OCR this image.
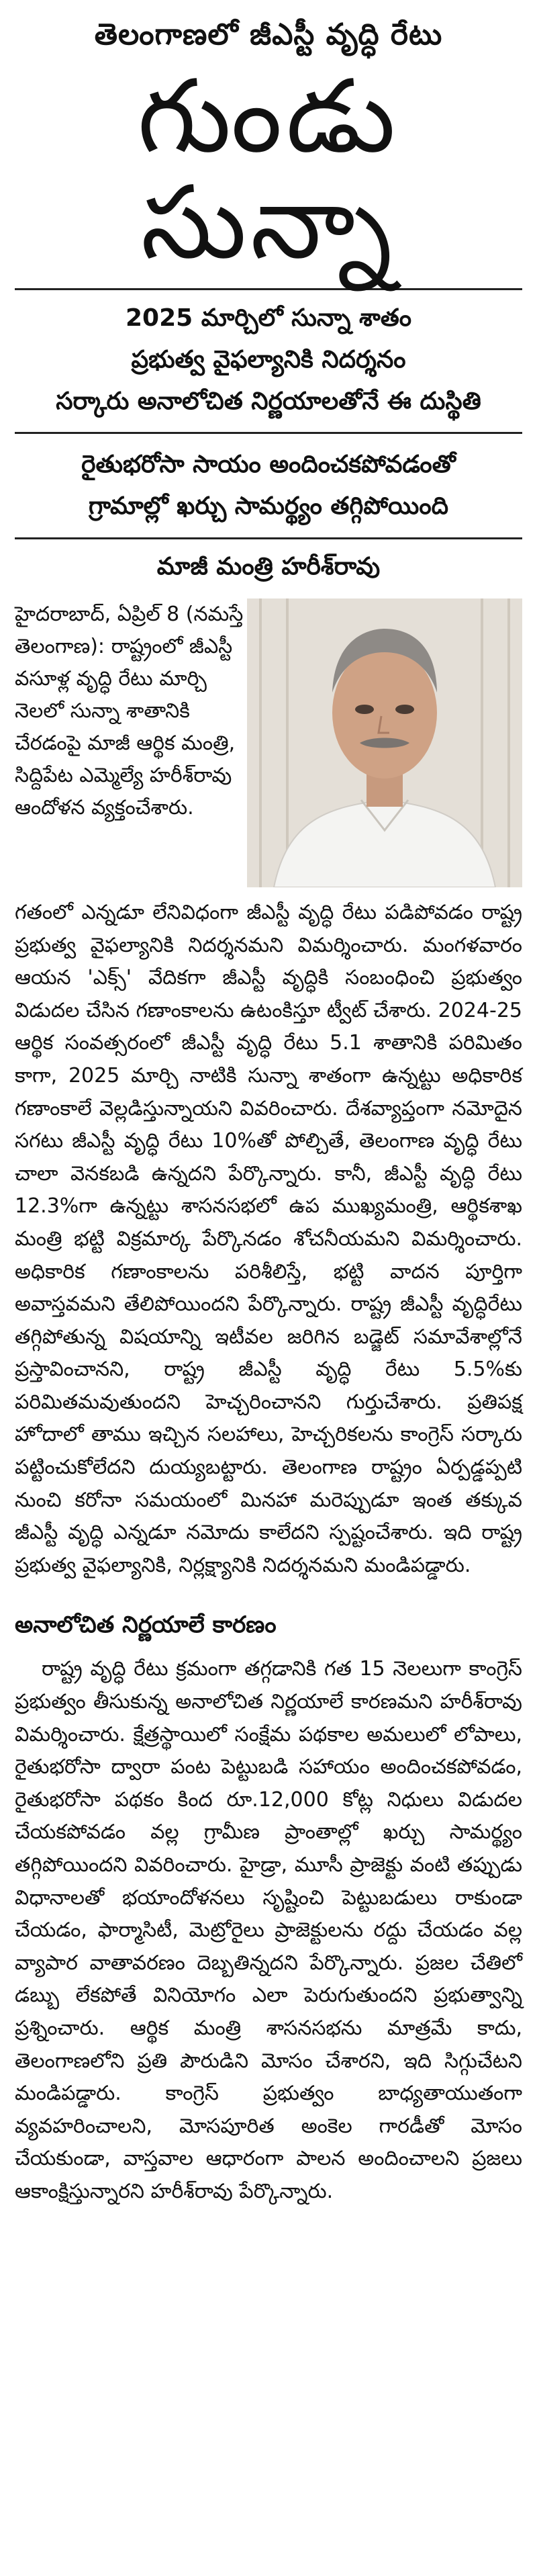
తెలంగాణలో జీఎస్టీ వృద్ధి రేటు
గుండు సున్నా
2025 మార్చిలో సున్నా శాతం
ప్రభుత్వ వైఫల్యానికి నిదర్శనం
సర్కారు అనాలోచిత నిర్ణయాలతోనే ఈ దుస్థితి
రైతుభరోసా సాయం అందించకపోవడంతో
గ్రామాల్లో ఖర్చు సామర్థ్యం తగ్గిపోయింది
మాజీ మంత్రి హరీశ్‌రావు
హైదరాబాద్, ఏప్రిల్ 8 (నమస్తే తెలంగాణ): రాష్ట్రంలో జీఎస్టీ వసూళ్ల వృద్ధి రేటు మార్చి నెలలో సున్నా శాతానికి చేరడంపై మాజీ ఆర్థిక మంత్రి, సిద్దిపేట ఎమ్మెల్యే హరీశ్‌రావు ఆందోళన వ్యక్తంచేశారు.

గతంలో ఎన్నడూ లేనివిధంగా జీఎస్టీ వృద్ధి రేటు పడిపోవడం రాష్ట్ర ప్రభుత్వ వైఫల్యానికి నిదర్శనమని విమర్శించారు. మంగళవారం ఆయన 'ఎక్స్' వేదికగా జీఎస్టీ వృద్ధికి సంబంధించి ప్రభుత్వం విడుదల చేసిన గణాంకాలను ఉటంకిస్తూ ట్వీట్ చేశారు. 2024-25 ఆర్థిక సంవత్సరంలో జీఎస్టీ వృద్ధి రేటు 5.1 శాతానికి పరిమితం కాగా, 2025 మార్చి నాటికి సున్నా శాతంగా ఉన్నట్టు అధికారిక గణాంకాలే వెల్లడిస్తున్నాయని వివరించారు. దేశవ్యాప్తంగా నమోదైన సగటు జీఎస్టీ వృద్ధి రేటు 10%తో పోల్చితే, తెలంగాణ వృద్ధి రేటు చాలా వెనకబడి ఉన్నదని పేర్కొన్నారు. కానీ, జీఎస్టీ వృద్ధి రేటు 12.3%గా ఉన్నట్టు శాసనసభలో ఉప ముఖ్యమంత్రి, ఆర్థికశాఖ మంత్రి భట్టి విక్రమార్క పేర్కొనడం శోచనీయమని విమర్శించారు. అధికారిక గణాంకాలను పరిశీలిస్తే, భట్టి వాదన పూర్తిగా అవాస్తవమని తేలిపోయిందని పేర్కొన్నారు. రాష్ట్ర జీఎస్టీ వృద్ధిరేటు తగ్గిపోతున్న విషయాన్ని ఇటీవల జరిగిన బడ్జెట్ సమావేశాల్లోనే ప్రస్తావించానని, రాష్ట్ర జీఎస్టీ వృద్ధి రేటు 5.5%కు పరిమితమవుతుందని హెచ్చరించానని గుర్తుచేశారు. ప్రతిపక్ష హోదాలో తాము ఇచ్చిన సలహాలు, హెచ్చరికలను కాంగ్రెస్ సర్కారు పట్టించుకోలేదని దుయ్యబట్టారు. తెలంగాణ రాష్ట్రం ఏర్పడ్డప్పటి నుంచి కరోనా సమయంలో మినహా మరెప్పుడూ ఇంత తక్కువ జీఎస్టీ వృద్ధి ఎన్నడూ నమోదు కాలేదని స్పష్టంచేశారు. ఇది రాష్ట్ర ప్రభుత్వ వైఫల్యానికి, నిర్లక్ష్యానికి నిదర్శనమని మండిపడ్డారు.

అనాలోచిత నిర్ణయాలే కారణం

రాష్ట్ర వృద్ధి రేటు క్రమంగా తగ్గడానికి గత 15 నెలలుగా కాంగ్రెస్ ప్రభుత్వం తీసుకున్న అనాలోచిత నిర్ణయాలే కారణమని హరీశ్‌రావు విమర్శించారు. క్షేత్రస్థాయిలో సంక్షేమ పథకాల అమలులో లోపాలు, రైతుభరోసా ద్వారా పంట పెట్టుబడి సహాయం అందించకపోవడం, రైతుభరోసా పథకం కింద రూ.12,000 కోట్ల నిధులు విడుదల చేయకపోవడం వల్ల గ్రామీణ ప్రాంతాల్లో ఖర్చు సామర్థ్యం తగ్గిపోయిందని వివరించారు. హైడ్రా, మూసీ ప్రాజెక్టు వంటి తప్పుడు విధానాలతో భయాందోళనలు సృష్టించి పెట్టుబడులు రాకుండా చేయడం, ఫార్మాసిటీ, మెట్రోరైలు ప్రాజెక్టులను రద్దు చేయడం వల్ల వ్యాపార వాతావరణం దెబ్బతిన్నదని పేర్కొన్నారు. ప్రజల చేతిలో డబ్బు లేకపోతే వినియోగం ఎలా పెరుగుతుందని ప్రభుత్వాన్ని ప్రశ్నించారు. ఆర్థిక మంత్రి శాసనసభను మాత్రమే కాదు, తెలంగాణలోని ప్రతి పౌరుడిని మోసం చేశారని, ఇది సిగ్గుచేటని మండిపడ్డారు. కాంగ్రెస్ ప్రభుత్వం బాధ్యతాయుతంగా వ్యవహరించాలని, మోసపూరిత అంకెల గారడీతో మోసం చేయకుండా, వాస్తవాల ఆధారంగా పాలన అందించాలని ప్రజలు ఆకాంక్షిస్తున్నారని హరీశ్‌రావు పేర్కొన్నారు.
